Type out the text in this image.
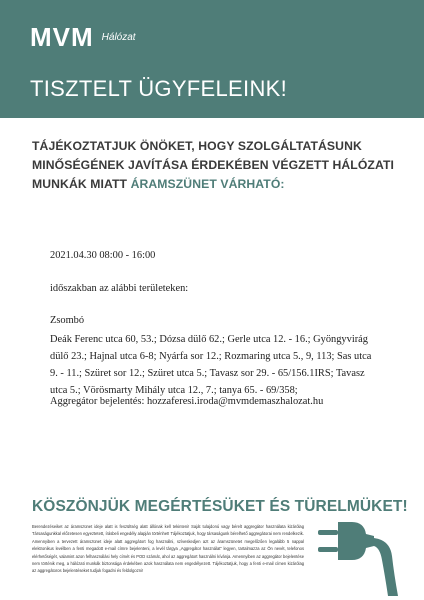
MVM Hálózat
TISZTELT ÜGYFELEINK!

TÁJÉKOZTATJUK ÖNÖKET, HOGY SZOLGÁLTATÁSUNK MINŐSÉGÉNEK JAVÍTÁSA ÉRDEKÉBEN VÉGZETT HÁLÓZATI MUNKÁK MIATT ÁRAMSZÜNET VÁRHATÓ:

2021.04.30 08:00 - 16:00

időszakban az alábbi területeken:

Zsombó

Deák Ferenc utca 60, 53.; Dózsa dülő 62.; Gerle utca 12. - 16.; Gyöngyvirág dülő 23.; Hajnal utca 6-8; Nyárfa sor 12.; Rozmaring utca 5., 9, 113; Sas utca 9. - 11.; Szüret sor 12.; Szüret utca 5.; Tavasz sor 29. - 65/156.1IRS; Tavasz utca 5.; Vörösmarty Mihály utca 12., 7.; tanya 65. - 69/358;

Aggregátor bejelentés: hozzaferesi.iroda@mvmdemaszhalozat.hu

KÖSZÖNJÜK MEGÉRTÉSÜKET ÉS TÜRELMÜKET!

Berendezéseiket az áramszünet ideje alatt is feszültség alatt állónak kell tekinteni! Saját tulajdonú vagy bérelt aggregátor használata kizárólag Társaságunkkal előzetesen egyeztetett, írásbeli engedély alapján történhet! Tájékoztatjuk, hogy társaságunk bérelhető aggregátorai nem rendelkezik. Amennyiben a tervezett áramszünet ideje alatt aggregátort fog használni, szíveskedjen azt az áramszünetet megelőzően legalább 5 nappal elektronikus levélben a fenti megadott e-mail címre bejelenteni, a levél tárgya „Aggregátor használat” legyen, tartalmazza az Ön nevét, telefonos elérhetőségét, valamint azon felhasználási hely címét és POD számát, ahol az aggregátort használni kívánja. Amennyiben az aggregátor bejelentése nem történik meg, a hálózati munkák biztonsága érdekében azok használata nem engedélyezett. Tájékoztatjuk, hogy a fenti e-mail címen kizárólag az aggregátoros bejelentéseket tudjuk fogadni és feldolgozni!
